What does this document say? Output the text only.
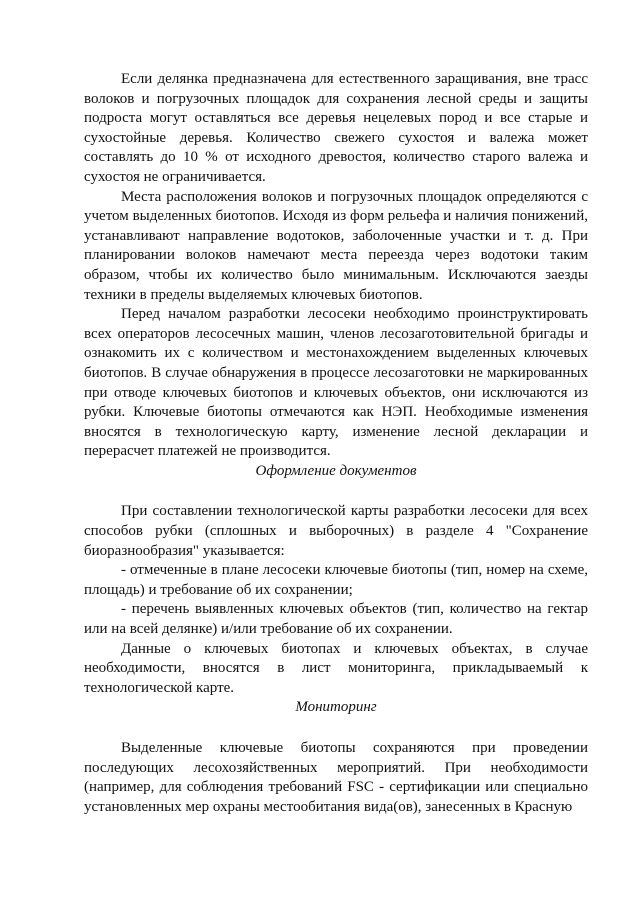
Если делянка предназначена для естественного заращивания, вне трасс волоков и погрузочных площадок для сохранения лесной среды и защиты подроста могут оставляться все деревья нецелевых пород и все старые и сухостойные деревья. Количество свежего сухостоя и валежа может составлять до 10 % от исходного древостоя, количество старого валежа и сухостоя не ограничивается.

Места расположения волоков и погрузочных площадок определяются с учетом выделенных биотопов. Исходя из форм рельефа и наличия понижений, устанавливают направление водотоков, заболоченные участки и т. д. При планировании волоков намечают места переезда через водотоки таким образом, чтобы их количество было минимальным. Исключаются заезды техники в пределы выделяемых ключевых биотопов.

Перед началом разработки лесосеки необходимо проинструктировать всех операторов лесосечных машин, членов лесозаготовительной бригады и ознакомить их с количеством и местонахождением выделенных ключевых биотопов. В случае обнаружения в процессе лесозаготовки не маркированных при отводе ключевых биотопов и ключевых объектов, они исключаются из рубки. Ключевые биотопы отмечаются как НЭП. Необходимые изменения вносятся в технологическую карту, изменение лесной декларации и перерасчет платежей не производится.

Оформление документов

При составлении технологической карты разработки лесосеки для всех способов рубки (сплошных и выборочных) в разделе 4 "Сохранение биоразнообразия" указывается:

- отмеченные в плане лесосеки ключевые биотопы (тип, номер на схеме, площадь) и требование об их сохранении;

- перечень выявленных ключевых объектов (тип, количество на гектар или на всей делянке) и/или требование об их сохранении.

Данные о ключевых биотопах и ключевых объектах, в случае необходимости, вносятся в лист мониторинга, прикладываемый к технологической карте.

Мониторинг

Выделенные ключевые биотопы сохраняются при проведении последующих лесохозяйственных мероприятий. При необходимости (например, для соблюдения требований FSC - сертификации или специально установленных мер охраны местообитания вида(ов), занесенных в Красную
